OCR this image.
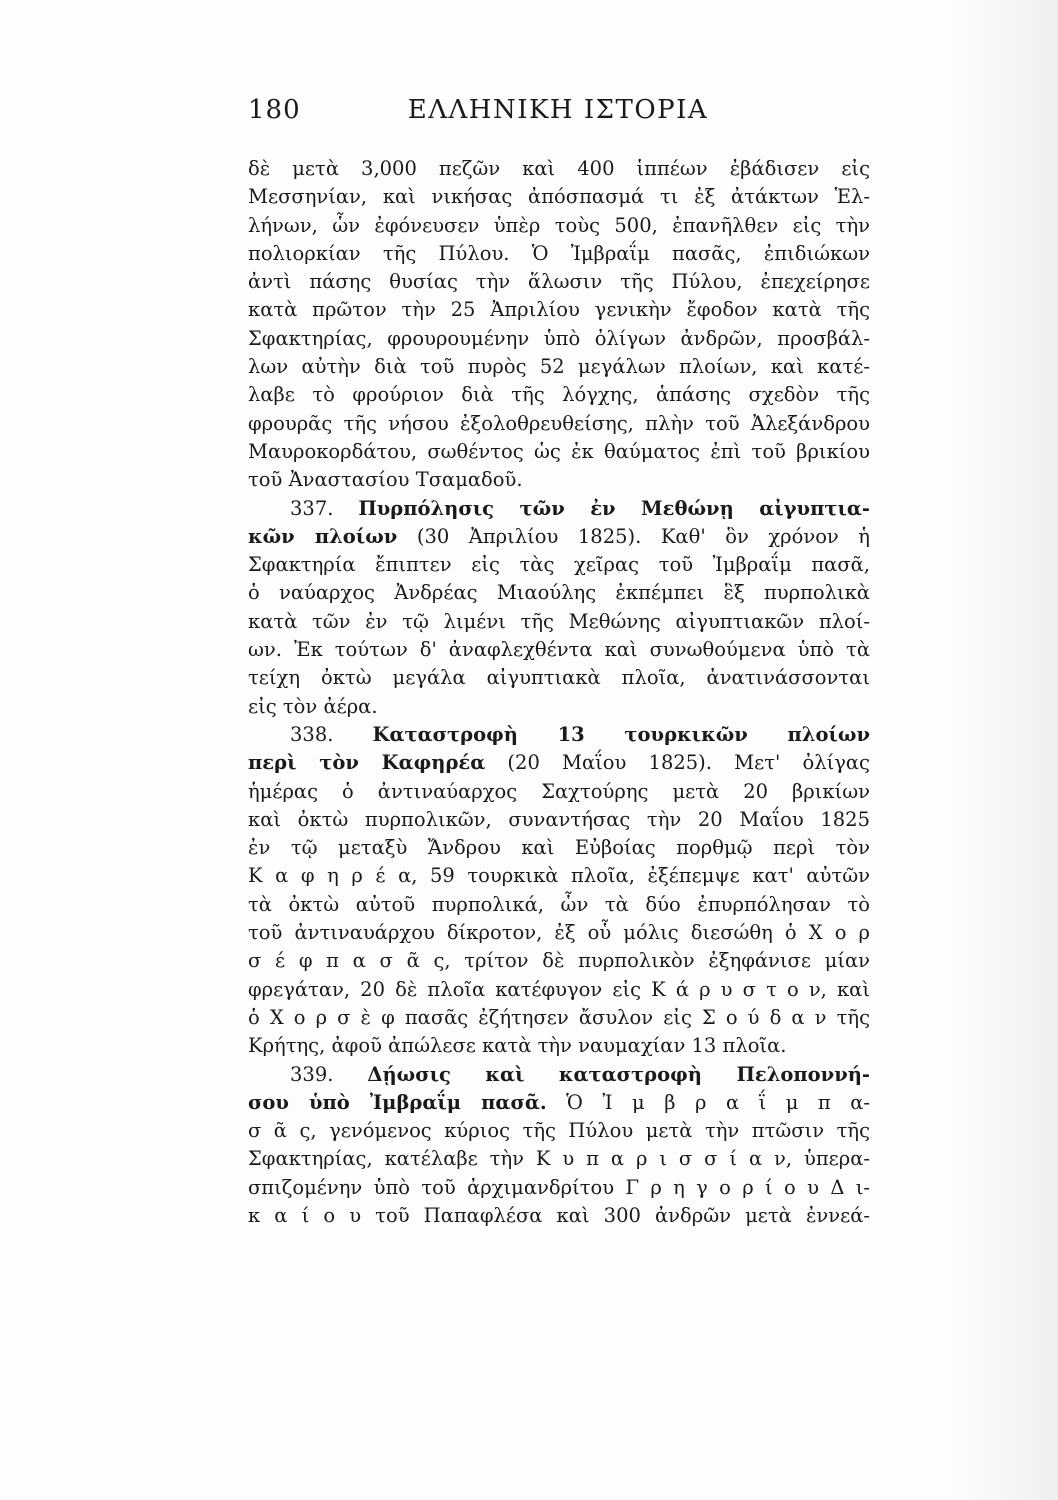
ΕΛΛΗΝΙΚΗ ΙΣΤΟΡΙΑ
180
δὲ μετὰ 3,000 πεζῶν καὶ 400 ἱππέων ἐβάδισεν εἰς
Μεσσηνίαν, καὶ νικήσας ἀπόσπασμά τι ἐξ ἀτάκτων Ἑλ-
λήνων, ὧν ἐφόνευσεν ὑπὲρ τοὺς 500, ἐπανῆλθεν εἰς τὴν
πολιορκίαν τῆς Πύλου. Ὁ Ἰμβραΐμ πασᾶς, ἐπιδιώκων
ἀντὶ πάσης θυσίας τὴν ἅλωσιν τῆς Πύλου, ἐπεχείρησε
κατὰ πρῶτον τὴν 25 Ἀπριλίου γενικὴν ἔφοδον κατὰ τῆς
Σφακτηρίας, φρουρουμένην ὑπὸ ὀλίγων ἀνδρῶν, προσβάλ-
λων αὐτὴν διὰ τοῦ πυρὸς 52 μεγάλων πλοίων, καὶ κατέ-
λαβε τὸ φρούριον διὰ τῆς λόγχης, ἁπάσης σχεδὸν τῆς
φρουρᾶς τῆς νήσου ἐξολοθρευθείσης, πλὴν τοῦ Ἀλεξάνδρου
Μαυροκορδάτου, σωθέντος ὡς ἐκ θαύματος ἐπὶ τοῦ βρικίου
τοῦ Ἀναστασίου Τσαμαδοῦ.
337. Πυρπόλησις τῶν ἐν Μεθώνῃ αἰγυπτια-
κῶν πλοίων (30 Ἀπριλίου 1825). Καθ' ὃν χρόνον ἡ
Σφακτηρία ἔπιπτεν εἰς τὰς χεῖρας τοῦ Ἰμβραΐμ πασᾶ,
ὁ ναύαρχος Ἀνδρέας Μιαούλης ἐκπέμπει ἓξ πυρπολικὰ
κατὰ τῶν ἐν τῷ λιμένι τῆς Μεθώνης αἰγυπτιακῶν πλοί-
ων. Ἐκ τούτων δ' ἀναφλεχθέντα καὶ συνωθούμενα ὑπὸ τὰ
τείχη ὀκτὼ μεγάλα αἰγυπτιακὰ πλοῖα, ἀνατινάσσονται
εἰς τὸν ἀέρα.
338. Καταστροφὴ 13 τουρκικῶν πλοίων
περὶ τὸν Καφηρέα (20 Μαΐου 1825). Μετ' ὀλίγας
ἡμέρας ὁ ἀντιναύαρχος Σαχτούρης μετὰ 20 βρικίων
καὶ ὀκτὼ πυρπολικῶν, συναντήσας τὴν 20 Μαΐου 1825
ἐν τῷ μεταξὺ Ἄνδρου καὶ Εὐβοίας πορθμῷ περὶ τὸν
Κ α φ η ρ έ α, 59 τουρκικὰ πλοῖα, ἐξέπεμψε κατ' αὐτῶν
τὰ ὀκτὼ αὐτοῦ πυρπολικά, ὧν τὰ δύο ἐπυρπόλησαν τὸ
τοῦ ἀντιναυάρχου δίκροτον, ἐξ οὗ μόλις διεσώθη ὁ Χ ο ρ
σ έ φ π α σ ᾶ ς, τρίτον δὲ πυρπολικὸν ἐξηφάνισε μίαν
φρεγάταν, 20 δὲ πλοῖα κατέφυγον εἰς Κ ά ρ υ σ τ ο ν, καὶ
ὁ Χ ο ρ σ ὲ φ πασᾶς ἐζήτησεν ἄσυλον εἰς Σ ο ύ δ α ν τῆς
Κρήτης, ἀφοῦ ἀπώλεσε κατὰ τὴν ναυμαχίαν 13 πλοῖα.
339. Δῄωσις καὶ καταστροφὴ Πελοποννή-
σου ὑπὸ Ἰμβραΐμ πασᾶ. Ὁ Ἰ μ β ρ α ΐ μ π α-
σ ᾶ ς, γενόμενος κύριος τῆς Πύλου μετὰ τὴν πτῶσιν τῆς
Σφακτηρίας, κατέλαβε τὴν Κ υ π α ρ ι σ σ ί α ν, ὑπερα-
σπιζομένην ὑπὸ τοῦ ἀρχιμανδρίτου Γ ρ η γ ο ρ ί ο υ Δ ι-
κ α ί ο υ τοῦ Παπαφλέσα καὶ 300 ἀνδρῶν μετὰ ἐννεά-
